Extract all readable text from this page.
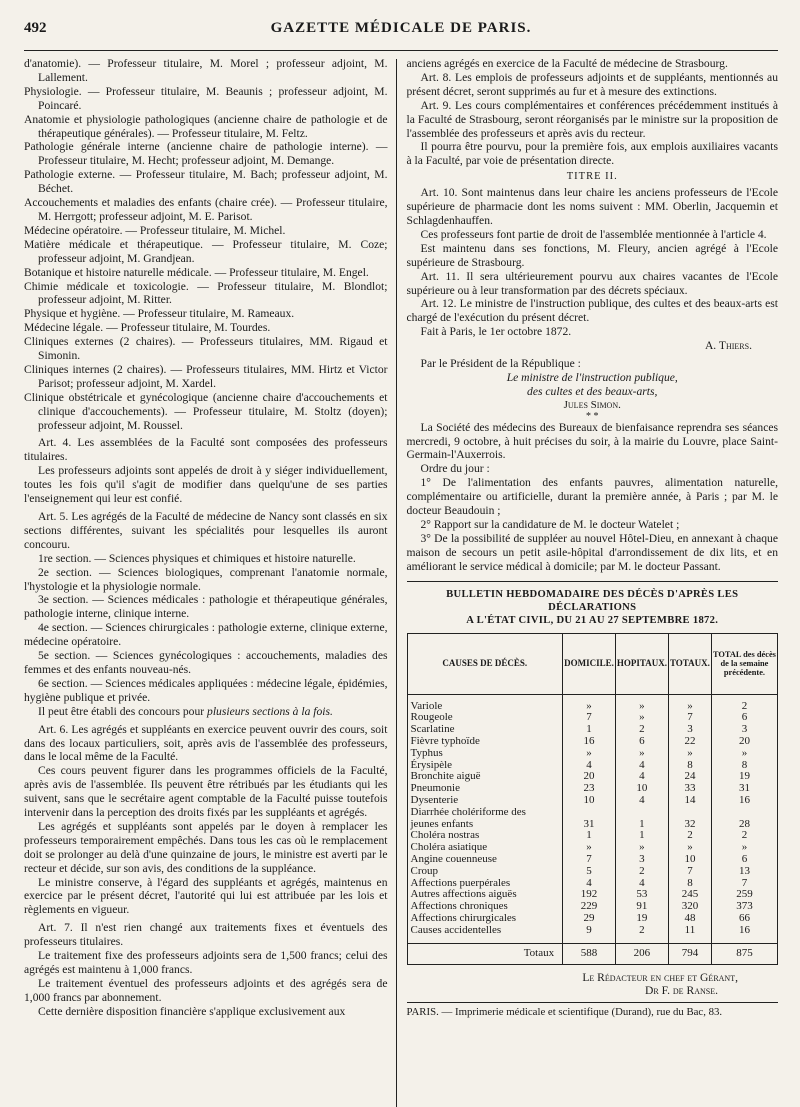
492	GAZETTE MÉDICALE DE PARIS.

d'anatomie). — Professeur titulaire, M. Morel ; professeur adjoint, M. Lallement.

Physiologie. — Professeur titulaire, M. Beaunis ; professeur adjoint, M. Poincaré.

Anatomie et physiologie pathologiques (ancienne chaire de pathologie et de thérapeutique générales). — Professeur titulaire, M. Feltz.

Pathologie générale interne (ancienne chaire de pathologie interne). — Professeur titulaire, M. Hecht; professeur adjoint, M. Demange.

Pathologie externe. — Professeur titulaire, M. Bach; professeur adjoint, M. Béchet.

Accouchements et maladies des enfants (chaire crée). — Professeur titulaire, M. Herrgott; professeur adjoint, M. E. Parisot.

Médecine opératoire. — Professeur titulaire, M. Michel.

Matière médicale et thérapeutique. — Professeur titulaire, M. Coze; professeur adjoint, M. Grandjean.

Botanique et histoire naturelle médicale. — Professeur titulaire, M. Engel.

Chimie médicale et toxicologie. — Professeur titulaire, M. Blondlot; professeur adjoint, M. Ritter.

Physique et hygiène. — Professeur titulaire, M. Rameaux.

Médecine légale. — Professeur titulaire, M. Tourdes.

Cliniques externes (2 chaires). — Professeurs titulaires, MM. Rigaud et Simonin.

Cliniques internes (2 chaires). — Professeurs titulaires, MM. Hirtz et Victor Parisot; professeur adjoint, M. Xardel.

Clinique obstétricale et gynécologique (ancienne chaire d'accouchements et clinique d'accouchements). — Professeur titulaire, M. Stoltz (doyen); professeur adjoint, M. Roussel.

Art. 4. Les assemblées de la Faculté sont composées des professeurs titulaires.

Les professeurs adjoints sont appelés de droit à y siéger individuellement, toutes les fois qu'il s'agit de modifier dans quelqu'une de ses parties l'enseignement qui leur est confié.

Art. 5. Les agrégés de la Faculté de médecine de Nancy sont classés en six sections différentes, suivant les spécialités pour lesquelles ils auront concouru.

1re section. — Sciences physiques et chimiques et histoire naturelle.

2e section. — Sciences biologiques, comprenant l'anatomie normale, l'hystologie et la physiologie normale.

3e section. — Sciences médicales : pathologie et thérapeutique générales, pathologie interne, clinique interne.

4e section. — Sciences chirurgicales : pathologie externe, clinique externe, médecine opératoire.

5e section. — Sciences gynécologiques : accouchements, maladies des femmes et des enfants nouveau-nés.

6e section. — Sciences médicales appliquées : médecine légale, épidémies, hygiène publique et privée.

Il peut être établi des concours pour plusieurs sections à la fois.

Art. 6. Les agrégés et suppléants en exercice peuvent ouvrir des cours, soit dans des locaux particuliers, soit, après avis de l'assemblée des professeurs, dans le local même de la Faculté.

Ces cours peuvent figurer dans les programmes officiels de la Faculté, après avis de l'assemblée. Ils peuvent être rétribués par les étudiants qui les suivent, sans que le secrétaire agent comptable de la Faculté puisse toutefois intervenir dans la perception des droits fixés par les suppléants et agrégés.

Les agrégés et suppléants sont appelés par le doyen à remplacer les professeurs temporairement empêchés. Dans tous les cas où le remplacement doit se prolonger au delà d'une quinzaine de jours, le ministre est averti par le recteur et décide, sur son avis, des conditions de la suppléance.

Le ministre conserve, à l'égard des suppléants et agrégés, maintenus en exercice par le présent décret, l'autorité qui lui est attribuée par les lois et règlements en vigueur.

Art. 7. Il n'est rien changé aux traitements fixes et éventuels des professeurs titulaires.

Le traitement fixe des professeurs adjoints sera de 1,500 francs; celui des agrégés est maintenu à 1,000 francs.

Le traitement éventuel des professeurs adjoints et des agrégés sera de 1,000 francs par abonnement.

Cette dernière disposition financière s'applique exclusivement aux

anciens agrégés en exercice de la Faculté de médecine de Strasbourg.

Art. 8. Les emplois de professeurs adjoints et de suppléants, mentionnés au présent décret, seront supprimés au fur et à mesure des extinctions.

Art. 9. Les cours complémentaires et conférences précédemment institués à la Faculté de Strasbourg, seront réorganisés par le ministre sur la proposition de l'assemblée des professeurs et après avis du recteur.

Il pourra être pourvu, pour la première fois, aux emplois auxiliaires vacants à la Faculté, par voie de présentation directe.

TITRE II.

Art. 10. Sont maintenus dans leur chaire les anciens professeurs de l'Ecole supérieure de pharmacie dont les noms suivent : MM. Oberlin, Jacquemin et Schlagdenhauffen.

Ces professeurs font partie de droit de l'assemblée mentionnée à l'article 4.

Est maintenu dans ses fonctions, M. Fleury, ancien agrégé à l'Ecole supérieure de Strasbourg.

Art. 11. Il sera ultérieurement pourvu aux chaires vacantes de l'Ecole supérieure ou à leur transformation par des décrets spéciaux.

Art. 12. Le ministre de l'instruction publique, des cultes et des beaux-arts est chargé de l'exécution du présent décret.

Fait à Paris, le 1er octobre 1872.

A. Thiers.
Par le Président de la République :
Le ministre de l'instruction publique,
des cultes et des beaux-arts,
Jules Simon.
* *

La Société des médecins des Bureaux de bienfaisance reprendra ses séances mercredi, 9 octobre, à huit précises du soir, à la mairie du Louvre, place Saint-Germain-l'Auxerrois.

Ordre du jour :

1° De l'alimentation des enfants pauvres, alimentation naturelle, complémentaire ou artificielle, durant la première année, à Paris ; par M. le docteur Beaudouin ;

2° Rapport sur la candidature de M. le docteur Watelet ;

3° De la possibilité de suppléer au nouvel Hôtel-Dieu, en annexant à chaque maison de secours un petit asile-hôpital d'arrondissement de dix lits, et en améliorant le service médical à domicile; par M. le docteur Passant.

BULLETIN HEBDOMADAIRE DES DÉCÈS D'APRÈS LES DÉCLARATIONS
A L'ÉTAT CIVIL, DU 21 AU 27 SEPTEMBRE 1872.
CAUSES DE DÉCÈS.	DOMICILE.	HOPITAUX.	TOTAUX.	TOTAL des décès de la semaine précédente.

Variole	»	»	»	2
Rougeole	7	»	7	6
Scarlatine	1	2	3	3
Fièvre typhoïde	16	6	22	20
Typhus	»	»	»	»
Érysipèle	4	4	8	8
Bronchite aiguë	20	4	24	19
Pneumonie	23	10	33	31
Dysenterie	10	4	14	16
Diarrhée cholériforme des				
jeunes enfants	31	1	32	28
Choléra nostras	1	1	2	2
Choléra asiatique	»	»	»	»
Angine couenneuse	7	3	10	6
Croup	5	2	7	13
Affections puerpérales	4	4	8	7
Autres affections aiguës	192	53	245	259
Affections chroniques	229	91	320	373
Affections chirurgicales	29	19	48	66
Causes accidentelles	9	2	11	16

Totaux	588	206	794	875
Le Rédacteur en chef et Gérant,
Dr F. de Ranse.
PARIS. — Imprimerie médicale et scientifique (Durand), rue du Bac, 83.
